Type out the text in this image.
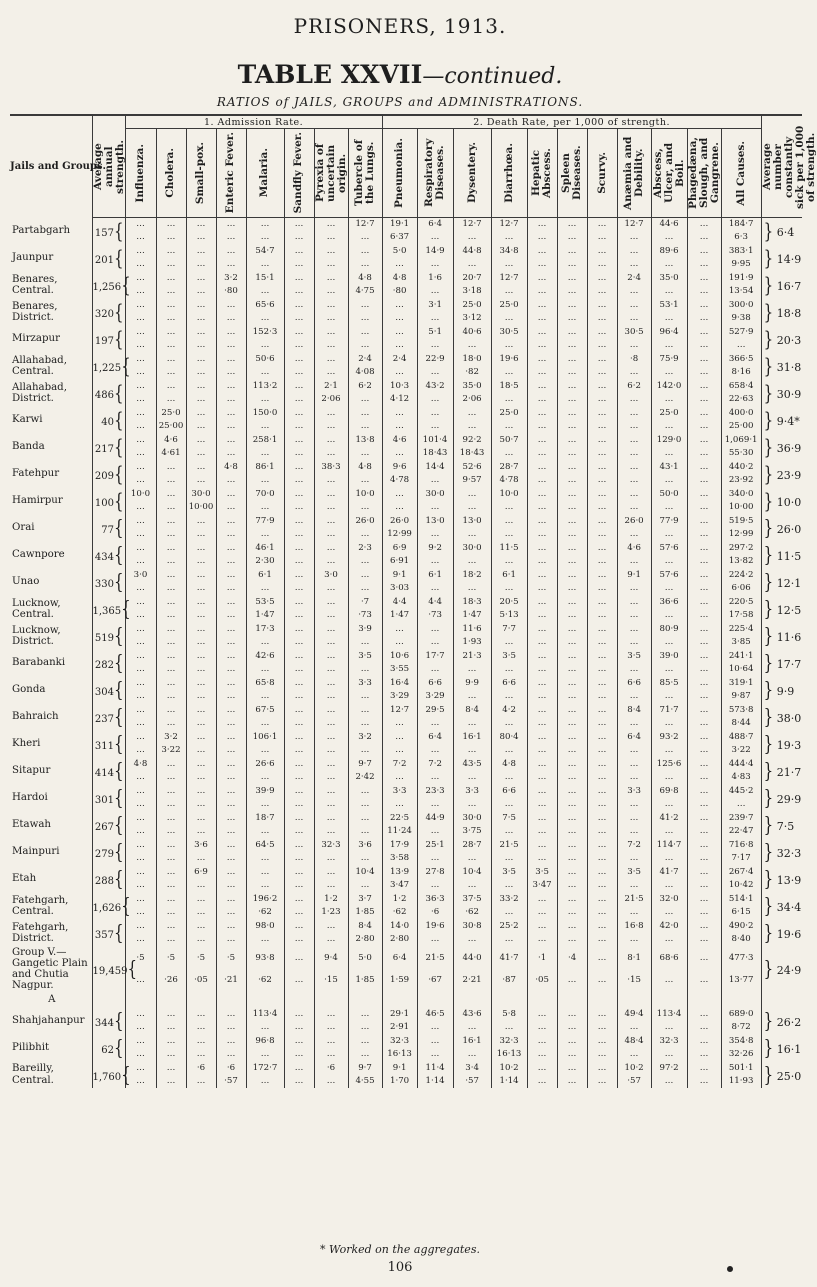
PRISONERS, 1913.
TABLE XXVII—continued.
RATIOS of JAILS, GROUPS and ADMINISTRATIONS.
Jails and Groups.	Average annual strength.	1. Admission Rate.								2. Death Rate, per 1,000 of strength.											Average number constantly sick per 1,000 of strength.

		Influenza.	Cholera.	Small-pox.	Enteric Fever.	Malaria.	Sandfly Fever.	Pyrexia of uncertain origin.	Tubercle of the Lungs.	Pneumonia.	Respiratory Diseases.	Dysentery.	Diarrhœa.	Hepatic Abscess.	Spleen Diseases.	Scurvy.	Anæmia and Debility.	Abscess, Ulcer, and Boil.	Phagedæna, Slough, and Gangrene.	All Causes.	

Partabgarh	157{	…	…	…	…	…	…	…	12·7	19·1	6·4	12·7	12·7	…	…	…	12·7	44·6	…	184·7	} 6·4
		…	…	…	…	…	…	…	…	6·37	…	…	…	…	…	…	…	…	…	6·3	
Jaunpur	201{	…	…	…	…	54·7	…	…	…	5·0	14·9	44·8	34·8	…	…	…	…	89·6	…	383·1	} 14·9
		…	…	…	…	…	…	…	…	…	…	…	…	…	…	…	…	…	…	9·95	
Benares, Central.	1,256{	…	…	…	3·2	15·1	…	…	4·8	4·8	1·6	20·7	12·7	…	…	…	2·4	35·0	…	191·9	} 16·7
		…	…	…	·80	…	…	…	4·75	·80	…	3·18	…	…	…	…	…	…	…	13·54	
Benares, District.	320{	…	…	…	…	65·6	…	…	…	…	3·1	25·0	25·0	…	…	…	…	53·1	…	300·0	} 18·8
		…	…	…	…	…	…	…	…	…	…	3·12	…	…	…	…	…	…	…	9·38	
Mirzapur	197{	…	…	…	…	152·3	…	…	…	…	5·1	40·6	30·5	…	…	…	30·5	96·4	…	527·9	} 20·3
		…	…	…	…	…	…	…	…	…	…	…	…	…	…	…	…	…	…	…	
Allahabad, Central.	1,225{	…	…	…	…	50·6	…	…	2·4	2·4	22·9	18·0	19·6	…	…	…	·8	75·9	…	366·5	} 31·8
		…	…	…	…	…	…	…	4·08	…	…	·82	…	…	…	…	…	…	…	8·16	
Allahabad, District.	486{	…	…	…	…	113·2	…	2·1	6·2	10·3	43·2	35·0	18·5	…	…	…	6·2	142·0	…	658·4	} 30·9
		…	…	…	…	…	…	2·06	…	4·12	…	2·06	…	…	…	…	…	…	…	22·63	
Karwi	40{	…	25·0	…	…	150·0	…	…	…	…	…	…	25·0	…	…	…	…	25·0	…	400·0	} 9·4*
		…	25·00	…	…	…	…	…	…	…	…	…	…	…	…	…	…	…	…	25·00	
Banda	217{	…	4·6	…	…	258·1	…	…	13·8	4·6	101·4	92·2	50·7	…	…	…	…	129·0	…	1,069·1	} 36·9
		…	4·61	…	…	…	…	…	…	…	18·43	18·43	…	…	…	…	…	…	…	55·30	
Fatehpur	209{	…	…	…	4·8	86·1	…	38·3	4·8	9·6	14·4	52·6	28·7	…	…	…	…	43·1	…	440·2	} 23·9
		…	…	…	…	…	…	…	…	4·78	…	9·57	4·78	…	…	…	…	…	…	23·92	
Hamirpur	100{	10·0	…	30·0	…	70·0	…	…	10·0	…	30·0	…	10·0	…	…	…	…	50·0	…	340·0	} 10·0
		…	…	10·00	…	…	…	…	…	…	…	…	…	…	…	…	…	…	…	10·00	
Orai	77{	…	…	…	…	77·9	…	…	26·0	26·0	13·0	13·0	…	…	…	…	26·0	77·9	…	519·5	} 26·0
		…	…	…	…	…	…	…	…	12·99	…	…	…	…	…	…	…	…	…	12·99	
Cawnpore	434{	…	…	…	…	46·1	…	…	2·3	6·9	9·2	30·0	11·5	…	…	…	4·6	57·6	…	297·2	} 11·5
		…	…	…	…	2·30	…	…	…	6·91	…	…	…	…	…	…	…	…	…	13·82	
Unao	330{	3·0	…	…	…	6·1	…	3·0	…	9·1	6·1	18·2	6·1	…	…	…	9·1	57·6	…	224·2	} 12·1
		…	…	…	…	…	…	…	…	3·03	…	…	…	…	…	…	…	…	…	6·06	
Lucknow, Central.	1,365{	…	…	…	…	53·5	…	…	·7	4·4	4·4	18·3	20·5	…	…	…	…	36·6	…	220·5	} 12·5
		…	…	…	…	1·47	…	…	·73	1·47	·73	1·47	5·13	…	…	…	…	…	…	17·58	
Lucknow, District.	519{	…	…	…	…	17·3	…	…	3·9	…	…	11·6	7·7	…	…	…	…	80·9	…	225·4	} 11·6
		…	…	…	…	…	…	…	…	…	…	1·93	…	…	…	…	…	…	…	3·85	
Barabanki	282{	…	…	…	…	42·6	…	…	3·5	10·6	17·7	21·3	3·5	…	…	…	3·5	39·0	…	241·1	} 17·7
		…	…	…	…	…	…	…	…	3·55	…	…	…	…	…	…	…	…	…	10·64	
Gonda	304{	…	…	…	…	65·8	…	…	3·3	16·4	6·6	9·9	6·6	…	…	…	6·6	85·5	…	319·1	} 9·9
		…	…	…	…	…	…	…	…	3·29	3·29	…	…	…	…	…	…	…	…	9·87	
Bahraich	237{	…	…	…	…	67·5	…	…	…	12·7	29·5	8·4	4·2	…	…	…	8·4	71·7	…	573·8	} 38·0
		…	…	…	…	…	…	…	…	…	…	…	…	…	…	…	…	…	…	8·44	
Kheri	311{	…	3·2	…	…	106·1	…	…	3·2	…	6·4	16·1	80·4	…	…	…	6·4	93·2	…	488·7	} 19·3
		…	3·22	…	…	…	…	…	…	…	…	…	…	…	…	…	…	…	…	3·22	
Sitapur	414{	4·8	…	…	…	26·6	…	…	9·7	7·2	7·2	43·5	4·8	…	…	…	…	125·6	…	444·4	} 21·7
		…	…	…	…	…	…	…	2·42	…	…	…	…	…	…	…	…	…	…	4·83	
Hardoi	301{	…	…	…	…	39·9	…	…	…	3·3	23·3	3·3	6·6	…	…	…	3·3	69·8	…	445·2	} 29·9
		…	…	…	…	…	…	…	…	…	…	…	…	…	…	…	…	…	…	…	
Etawah	267{	…	…	…	…	18·7	…	…	…	22·5	44·9	30·0	7·5	…	…	…	…	41·2	…	239·7	} 7·5
		…	…	…	…	…	…	…	…	11·24	…	3·75	…	…	…	…	…	…	…	22·47	
Mainpuri	279{	…	…	3·6	…	64·5	…	32·3	3·6	17·9	25·1	28·7	21·5	…	…	…	7·2	114·7	…	716·8	} 32·3
		…	…	…	…	…	…	…	…	3·58	…	…	…	…	…	…	…	…	…	7·17	
Etah	288{	…	…	6·9	…	…	…	…	10·4	13·9	27·8	10·4	3·5	3·5	…	…	3·5	41·7	…	267·4	} 13·9
		…	…	…	…	…	…	…	…	3·47	…	…	…	3·47	…	…	…	…	…	10·42	
Fatehgarh, Central.	1,626{	…	…	…	…	196·2	…	1·2	3·7	1·2	36·3	37·5	33·2	…	…	…	21·5	32·0	…	514·1	} 34·4
		…	…	…	…	·62	…	1·23	1·85	·62	·6	·62	…	…	…	…	…	…	…	6·15	
Fatehgarh, District.	357{	…	…	…	…	98·0	…	…	8·4	14·0	19·6	30·8	25·2	…	…	…	16·8	42·0	…	490·2	} 19·6
		…	…	…	…	…	…	…	2·80	2·80	…	…	…	…	…	…	…	…	…	8·40	
Group V.—Gangetic Plain and Chutia Nagpur.	19,459{	·5	·5	·5	·5	93·8	…	9·4	5·0	6·4	21·5	44·0	41·7	·1	·4	…	8·1	68·6	…	477·3	} 24·9
		…	·26	·05	·21	·62	…	·15	1·85	1·59	·67	2·21	·87	·05	…	…	·15	…	…	13·77	
A																					
Shahjahanpur	344{	…	…	…	…	113·4	…	…	…	29·1	46·5	43·6	5·8	…	…	…	49·4	113·4	…	689·0	} 26·2
		…	…	…	…	…	…	…	…	2·91	…	…	…	…	…	…	…	…	…	8·72	
Pilibhit	62{	…	…	…	…	96·8	…	…	…	32·3	…	16·1	32·3	…	…	…	48·4	32·3	…	354·8	} 16·1
		…	…	…	…	…	…	…	…	16·13	…	…	16·13	…	…	…	…	…	…	32·26	
Bareilly, Central.	1,760{	…	…	·6	·6	172·7	…	·6	9·7	9·1	11·4	3·4	10·2	…	…	…	10·2	97·2	…	501·1	} 25·0
		…	…	…	·57	…	…	…	4·55	1·70	1·14	·57	1·14	…	…	…	·57	…	…	11·93	
* Worked on the aggregates.
106
